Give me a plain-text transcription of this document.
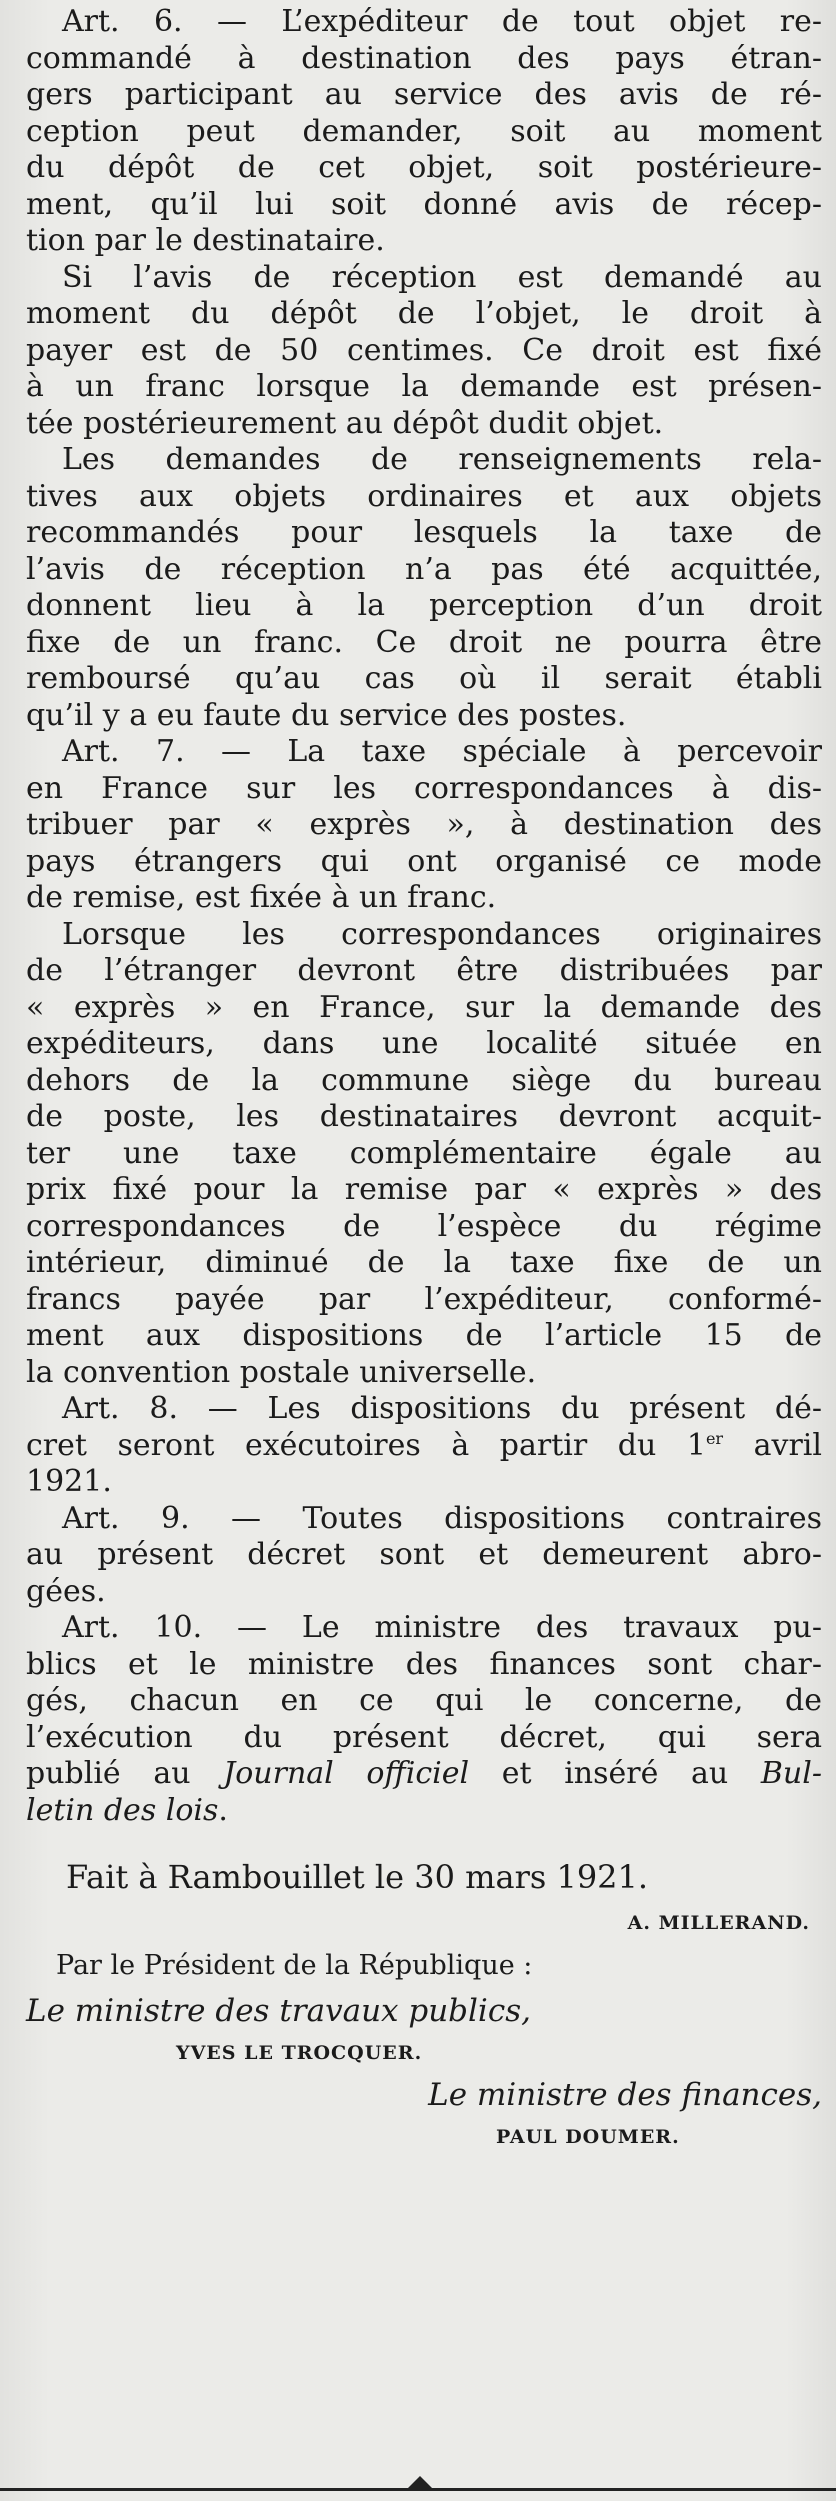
Art. 6. — L’expéditeur de tout objet re-
commandé à destination des pays étran-
gers participant au service des avis de ré-
ception peut demander, soit au moment
du dépôt de cet objet, soit postérieure-
ment, qu’il lui soit donné avis de récep-
tion par le destinataire.
Si l’avis de réception est demandé au
moment du dépôt de l’objet, le droit à
payer est de 50 centimes. Ce droit est fixé
à un franc lorsque la demande est présen-
tée postérieurement au dépôt dudit objet.
Les demandes de renseignements rela-
tives aux objets ordinaires et aux objets
recommandés pour lesquels la taxe de
l’avis de réception n’a pas été acquittée,
donnent lieu à la perception d’un droit
fixe de un franc. Ce droit ne pourra être
remboursé qu’au cas où il serait établi
qu’il y a eu faute du service des postes.
Art. 7. — La taxe spéciale à percevoir
en France sur les correspondances à dis-
tribuer par « exprès », à destination des
pays étrangers qui ont organisé ce mode
de remise, est fixée à un franc.
Lorsque les correspondances originaires
de l’étranger devront être distribuées par
« exprès » en France, sur la demande des
expéditeurs, dans une localité située en
dehors de la commune siège du bureau
de poste, les destinataires devront acquit-
ter une taxe complémentaire égale au
prix fixé pour la remise par « exprès » des
correspondances de l’espèce du régime
intérieur, diminué de la taxe fixe de un
francs payée par l’expéditeur, conformé-
ment aux dispositions de l’article 15 de
la convention postale universelle.
Art. 8. — Les dispositions du présent dé-
cret seront exécutoires à partir du 1er avril
1921.
Art. 9. — Toutes dispositions contraires
au présent décret sont et demeurent abro-
gées.
Art. 10. — Le ministre des travaux pu-
blics et le ministre des finances sont char-
gés, chacun en ce qui le concerne, de
l’exécution du présent décret, qui sera
publié au Journal officiel et inséré au Bul-
letin des lois.
Fait à Rambouillet le 30 mars 1921.
A. MILLERAND.
Par le Président de la République :
Le ministre des travaux publics,
YVES LE TROCQUER.
Le ministre des finances,
PAUL DOUMER.
